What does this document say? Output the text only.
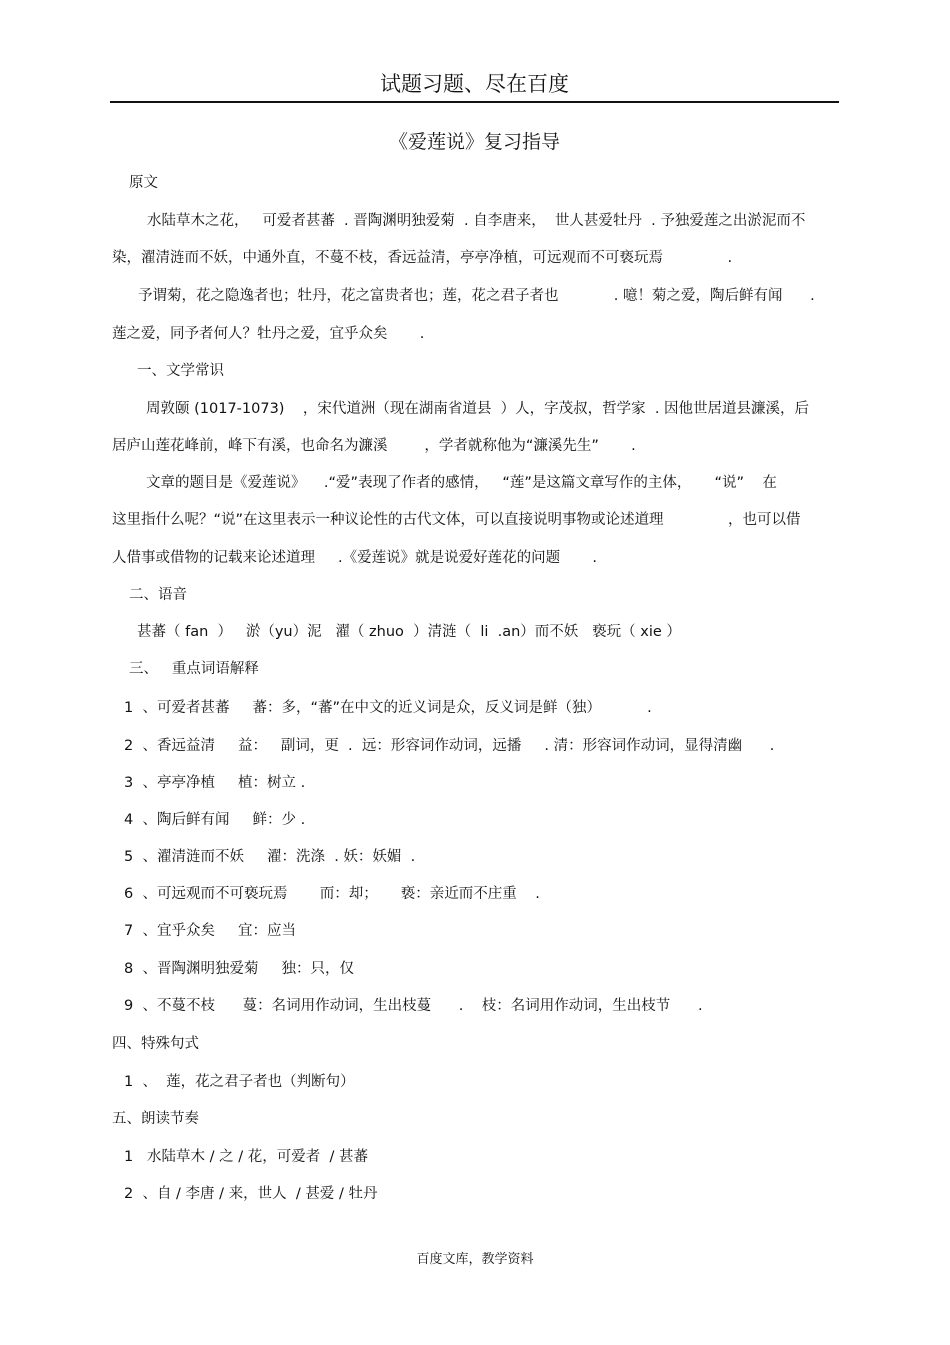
试题习题、尽在百度
《爱莲说》复习指导
原文
水陆草木之花，   可爱者甚蕃  . 晋陶渊明独爱菊  . 自李唐来，  世人甚爱牡丹  . 予独爱莲之出淤泥而不
染，濯清涟而不妖，中通外直，不蔓不枝，香远益清，亭亭净植，可远观而不可亵玩焉              .
予谓菊，花之隐逸者也；牡丹，花之富贵者也；莲，花之君子者也            . 噫！菊之爱，陶后鲜有闻      .
莲之爱，同予者何人？牡丹之爱，宜乎众矣       .
一、文学常识
周敦颐 (1017-1073)    ，宋代道洲（现在湖南省道县  ）人，字茂叔，哲学家  . 因他世居道县濂溪，后
居庐山莲花峰前，峰下有溪，也命名为濂溪        ，学者就称他为“濂溪先生”       .
文章的题目是《爱莲说》    .“爱”表现了作者的感情，   “莲”是这篇文章写作的主体，     “说”    在
这里指什么呢？“说”在这里表示一种议论性的古代文体，可以直接说明事物或论述道理              ，也可以借
人借事或借物的记载来论述道理     .《爱莲说》就是说爱好莲花的问题       .
二、语音
甚蕃（ fan  ）   淤（yu）泥   濯（ zhuo  ）清涟（  li  .an）而不妖   亵玩（ xie ）
三、   重点词语解释
1  、可爱者甚蕃     蕃：多，“蕃”在中文的近义词是众，反义词是鲜（独）          .
2  、香远益清     益：   副词，更  .  远：形容词作动词，远播     . 清：形容词作动词，显得清幽      .
3  、亭亭净植     植：树立 .
4  、陶后鲜有闻     鲜：少 .
5  、濯清涟而不妖     濯：洗涤  . 妖：妖媚  .
6  、可远观而不可亵玩焉       而：却；     亵：亲近而不庄重    .
7  、宜乎众矣     宜：应当
8  、晋陶渊明独爱菊     独：只，仅
9  、不蔓不枝      蔓：名词用作动词，生出枝蔓      .    枝：名词用作动词，生出枝节      .
四、特殊句式
1  、  莲，花之君子者也（判断句）
五、朗读节奏
1   水陆草木 / 之 / 花，可爱者  / 甚蕃
2  、自 / 李唐 / 来，世人  / 甚爱 / 牡丹
百度文库，教学资料
